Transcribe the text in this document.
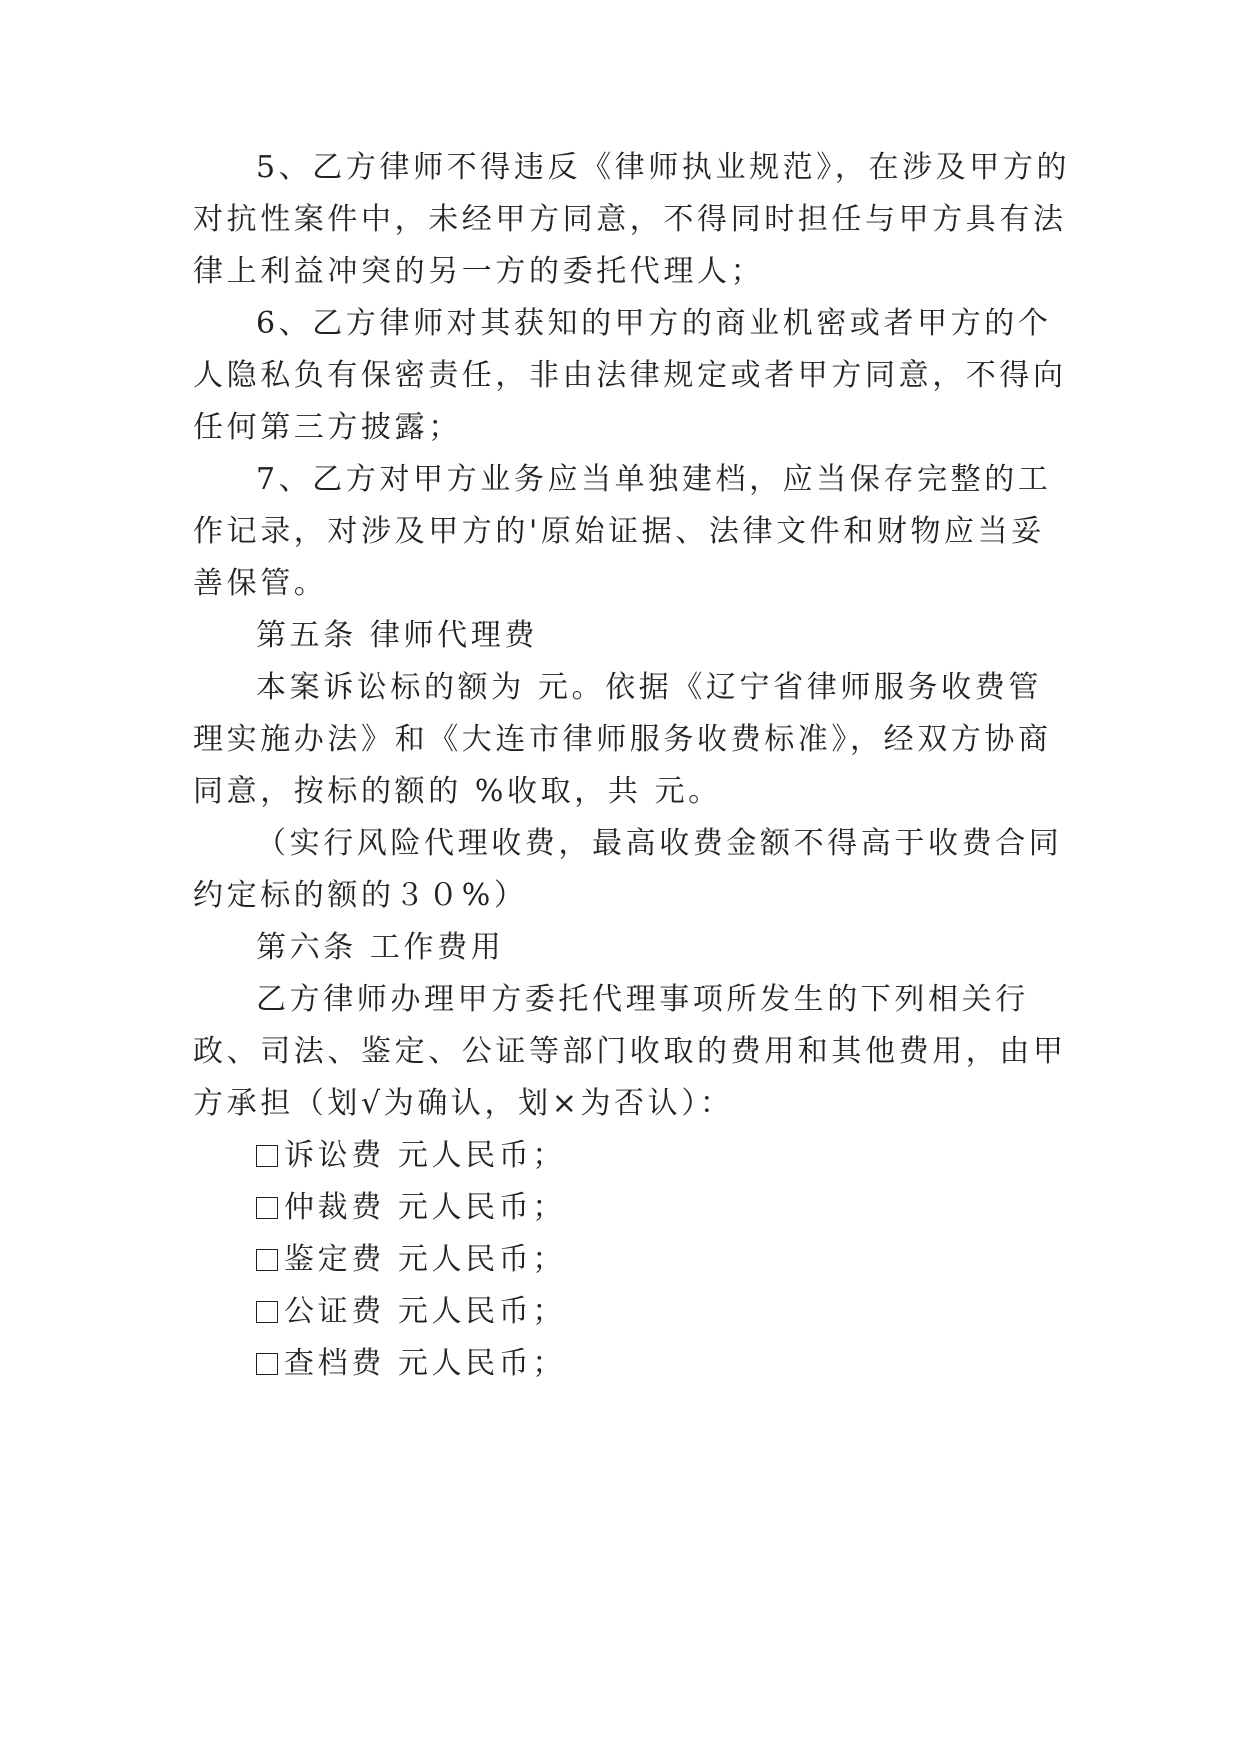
5、乙方律师不得违反《律师执业规范》，在涉及甲方的
对抗性案件中，未经甲方同意，不得同时担任与甲方具有法
律上利益冲突的另一方的委托代理人；
6、乙方律师对其获知的甲方的商业机密或者甲方的个
人隐私负有保密责任，非由法律规定或者甲方同意，不得向
任何第三方披露；
7、乙方对甲方业务应当单独建档，应当保存完整的工
作记录，对涉及甲方的'原始证据、法律文件和财物应当妥
善保管。
第五条 律师代理费
本案诉讼标的额为 元。依据《辽宁省律师服务收费管
理实施办法》和《大连市律师服务收费标准》，经双方协商
同意，按标的额的 %收取，共 元。
（实行风险代理收费，最高收费金额不得高于收费合同
约定标的额的３０%）
第六条 工作费用
乙方律师办理甲方委托代理事项所发生的下列相关行
政、司法、鉴定、公证等部门收取的费用和其他费用，由甲
方承担（划√为确认，划×为否认）：
诉讼费 元人民币；
仲裁费 元人民币；
鉴定费 元人民币；
公证费 元人民币；
查档费 元人民币；
